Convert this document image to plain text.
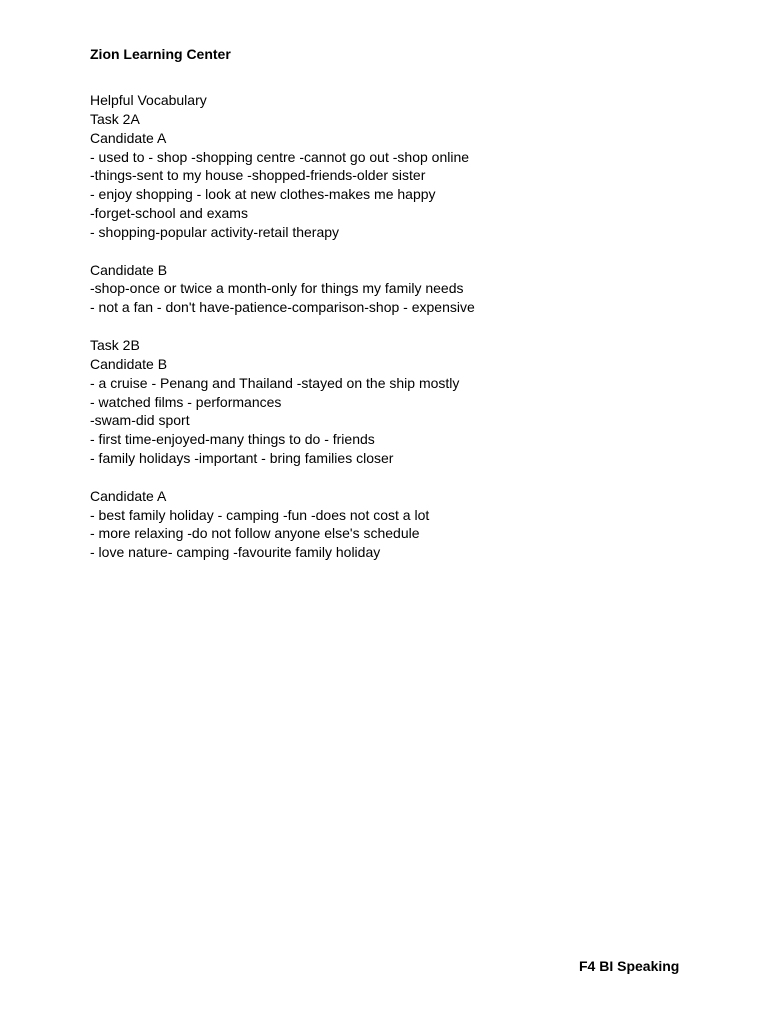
Zion Learning Center
Helpful Vocabulary
Task 2A
Candidate A
- used to - shop -shopping centre -cannot go out -shop online
-things-sent to my house -shopped-friends-older sister
- enjoy shopping - look at new clothes-makes me happy
-forget-school and exams
- shopping-popular activity-retail therapy
Candidate B
-shop-once or twice a month-only for things my family needs
- not a fan - don't have-patience-comparison-shop - expensive
Task 2B
Candidate B
- a cruise - Penang and Thailand -stayed on the ship mostly
- watched films - performances
-swam-did sport
- first time-enjoyed-many things to do - friends
- family holidays -important - bring families closer
Candidate A
- best family holiday - camping -fun -does not cost a lot
- more relaxing -do not follow anyone else's schedule
- love nature- camping -favourite family holiday
F4 BI Speaking
